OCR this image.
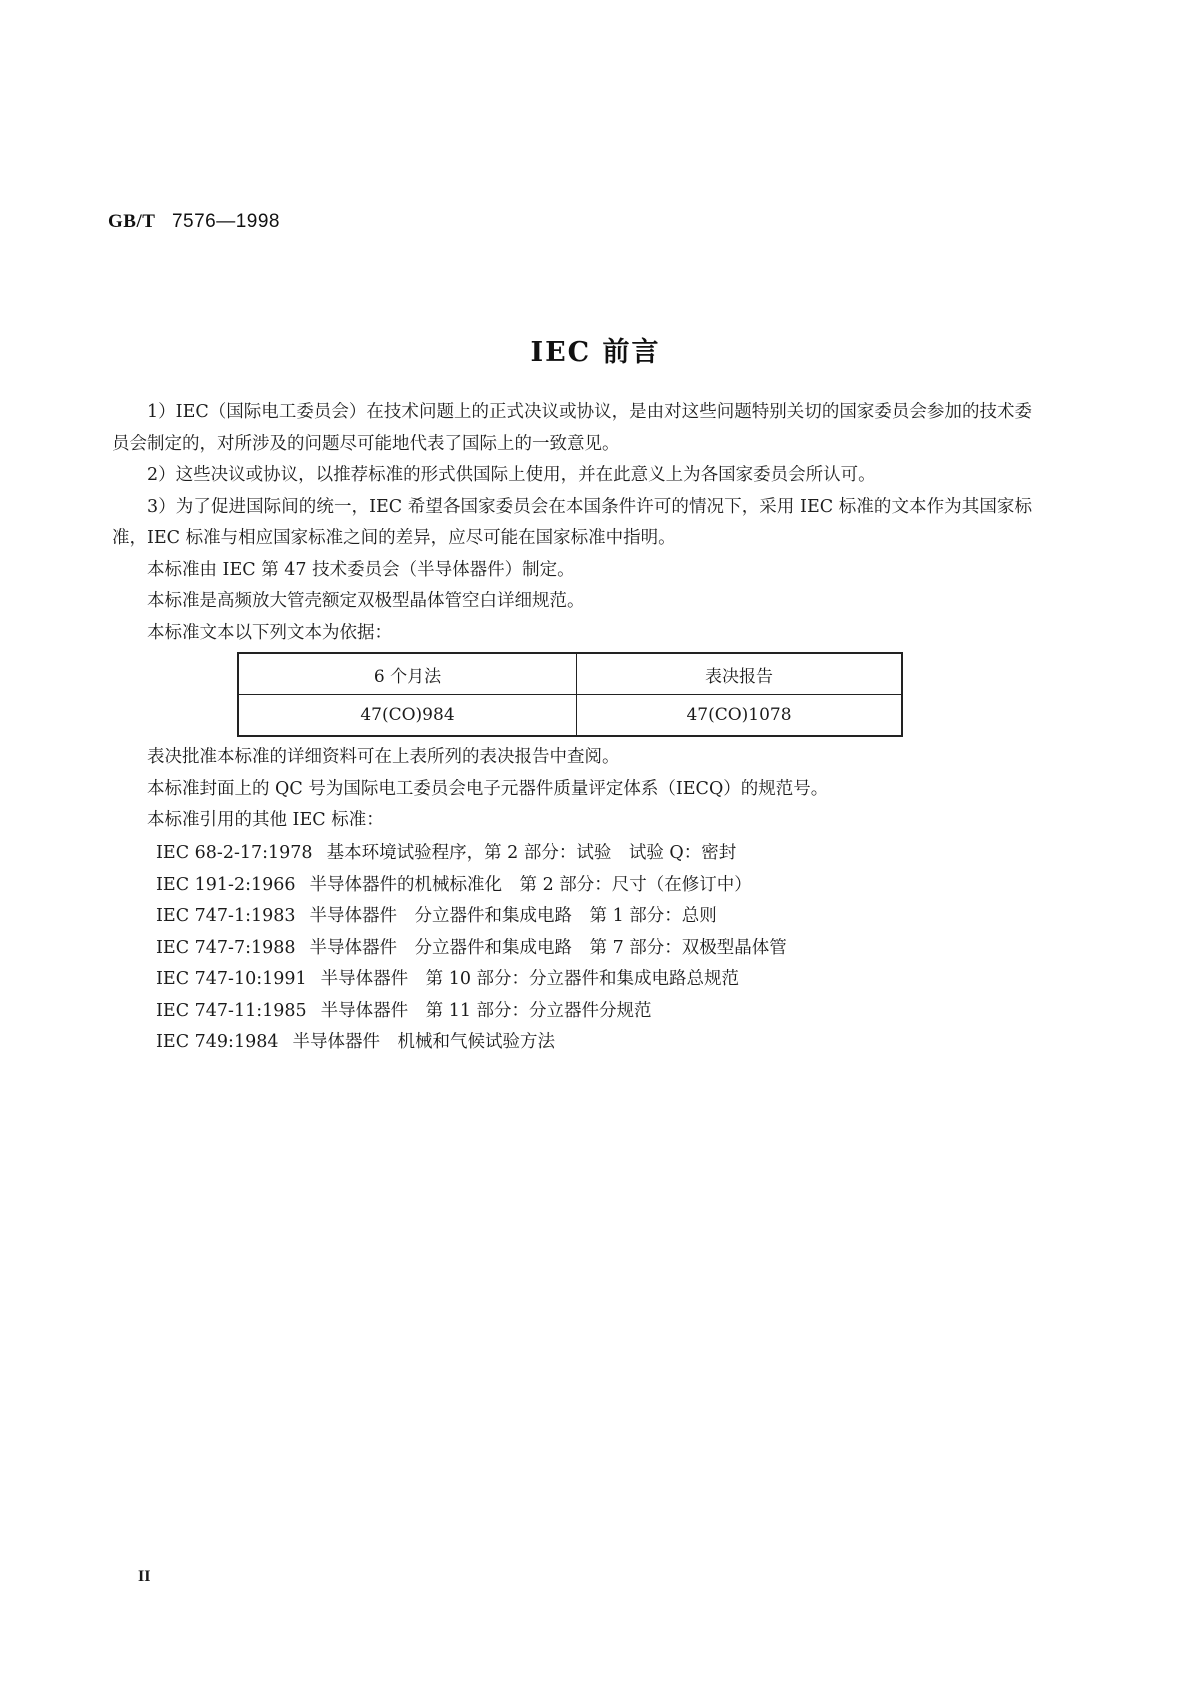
GB/T 7576—1998
IEC 前言

1）IEC（国际电工委员会）在技术问题上的正式决议或协议，是由对这些问题特别关切的国家委员会参加的技术委员会制定的，对所涉及的问题尽可能地代表了国际上的一致意见。

2）这些决议或协议，以推荐标准的形式供国际上使用，并在此意义上为各国家委员会所认可。

3）为了促进国际间的统一，IEC 希望各国家委员会在本国条件许可的情况下，采用 IEC 标准的文本作为其国家标准，IEC 标准与相应国家标准之间的差异，应尽可能在国家标准中指明。

本标准由 IEC 第 47 技术委员会（半导体器件）制定。

本标准是高频放大管壳额定双极型晶体管空白详细规范。

本标准文本以下列文本为依据：

6 个月法	表决报告
47(CO)984	47(CO)1078

表决批准本标准的详细资料可在上表所列的表决报告中查阅。

本标准封面上的 QC 号为国际电工委员会电子元器件质量评定体系（IECQ）的规范号。

本标准引用的其他 IEC 标准：

IEC 68-2-17:1978 基本环境试验程序，第 2 部分：试验　试验 Q：密封
IEC 191-2:1966 半导体器件的机械标准化　第 2 部分：尺寸（在修订中）
IEC 747-1:1983 半导体器件　分立器件和集成电路　第 1 部分：总则
IEC 747-7:1988 半导体器件　分立器件和集成电路　第 7 部分：双极型晶体管
IEC 747-10:1991 半导体器件　第 10 部分：分立器件和集成电路总规范
IEC 747-11:1985 半导体器件　第 11 部分：分立器件分规范
IEC 749:1984 半导体器件　机械和气候试验方法
II
